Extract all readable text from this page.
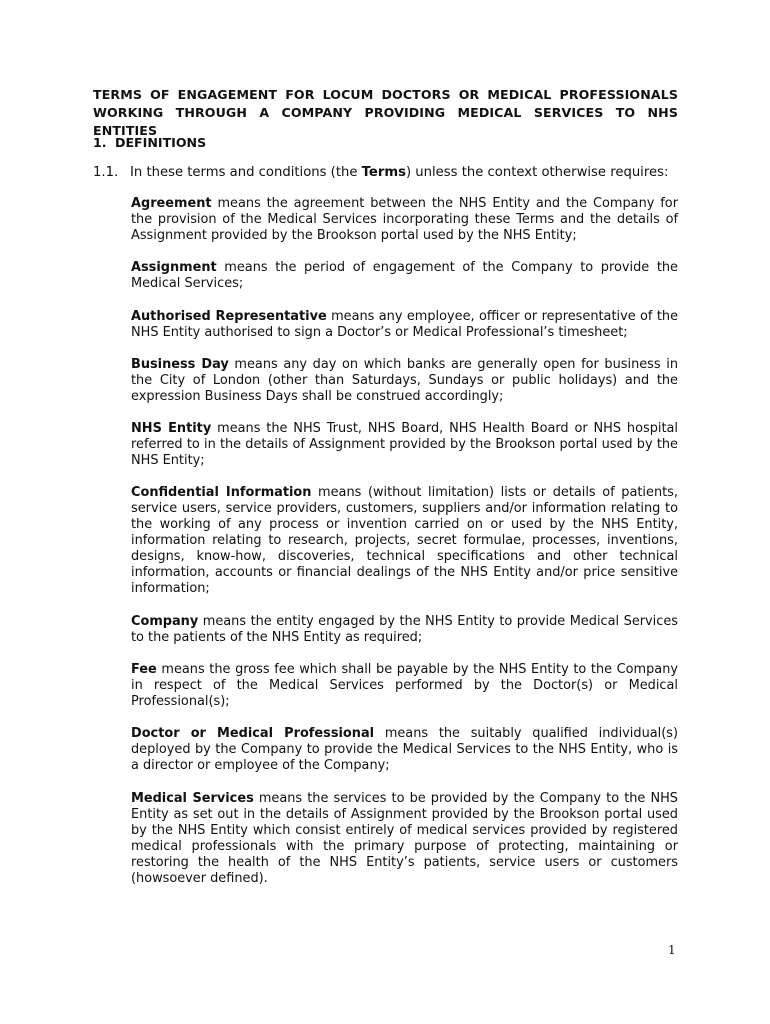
TERMS OF ENGAGEMENT FOR LOCUM DOCTORS OR MEDICAL PROFESSIONALS
WORKING THROUGH A COMPANY PROVIDING MEDICAL SERVICES TO NHS ENTITIES
1. DEFINITIONS
1.1. In these terms and conditions (the Terms) unless the context otherwise requires:

Agreement means the agreement between the NHS Entity and the Company for the provision of the Medical Services incorporating these Terms and the details of Assignment provided by the Brookson portal used by the NHS Entity;

Assignment means the period of engagement of the Company to provide the Medical Services;

Authorised Representative means any employee, officer or representative of the NHS Entity authorised to sign a Doctor’s or Medical Professional’s timesheet;

Business Day means any day on which banks are generally open for business in the City of London (other than Saturdays, Sundays or public holidays) and the expression Business Days shall be construed accordingly;

NHS Entity means the NHS Trust, NHS Board, NHS Health Board or NHS hospital referred to in the details of Assignment provided by the Brookson portal used by the NHS Entity;

Confidential Information means (without limitation) lists or details of patients, service users, service providers, customers, suppliers and/or information relating to the working of any process or invention carried on or used by the NHS Entity, information relating to research, projects, secret formulae, processes, inventions, designs, know-how, discoveries, technical specifications and other technical information, accounts or financial dealings of the NHS Entity and/or price sensitive information;

Company means the entity engaged by the NHS Entity to provide Medical Services to the patients of the NHS Entity as required;

Fee means the gross fee which shall be payable by the NHS Entity to the Company in respect of the Medical Services performed by the Doctor(s) or Medical Professional(s);

Doctor or Medical Professional means the suitably qualified individual(s) deployed by the Company to provide the Medical Services to the NHS Entity, who is a director or employee of the Company;

Medical Services means the services to be provided by the Company to the NHS Entity as set out in the details of Assignment provided by the Brookson portal used by the NHS Entity which consist entirely of medical services provided by registered medical professionals with the primary purpose of protecting, maintaining or restoring the health of the NHS Entity’s patients, service users or customers (howsoever defined).

1
